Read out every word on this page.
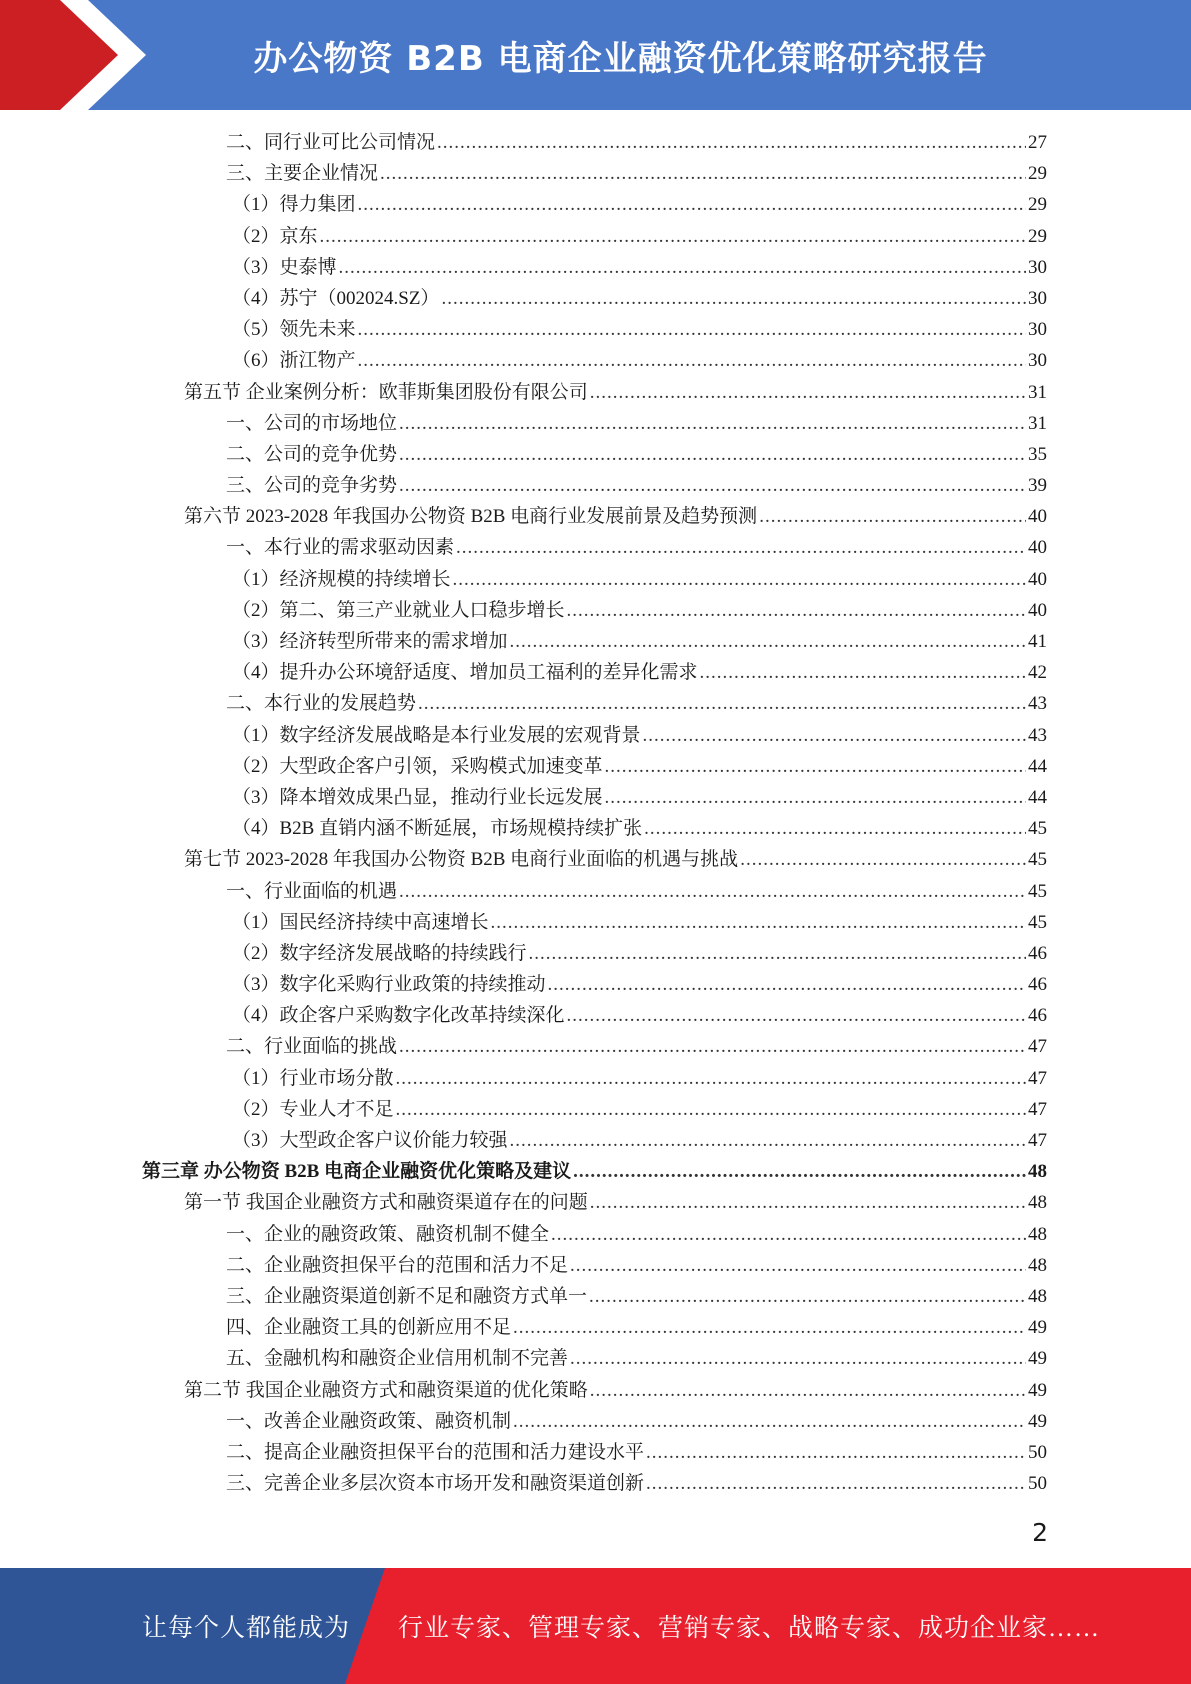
办公物资 B2B 电商企业融资优化策略研究报告
二、同行业可比公司情况 .....	27
三、主要企业情况 .....	29
（1）得力集团 .....	29
（2）京东 .....	29
（3）史泰博 .....	30
（4）苏宁（002024.SZ） .....	30
（5）领先未来 .....	30
（6）浙江物产 .....	30
第五节 企业案例分析：欧菲斯集团股份有限公司 .....	31
一、公司的市场地位 .....	31
二、公司的竞争优势 .....	35
三、公司的竞争劣势 .....	39
第六节 2023-2028 年我国办公物资 B2B 电商行业发展前景及趋势预测 .....	40
一、本行业的需求驱动因素 .....	40
（1）经济规模的持续增长 .....	40
（2）第二、第三产业就业人口稳步增长 .....	40
（3）经济转型所带来的需求增加 .....	41
（4）提升办公环境舒适度、增加员工福利的差异化需求 .....	42
二、本行业的发展趋势 .....	43
（1）数字经济发展战略是本行业发展的宏观背景 .....	43
（2）大型政企客户引领，采购模式加速变革 .....	44
（3）降本增效成果凸显，推动行业长远发展 .....	44
（4）B2B 直销内涵不断延展，市场规模持续扩张 .....	45
第七节 2023-2028 年我国办公物资 B2B 电商行业面临的机遇与挑战 .....	45
一、行业面临的机遇 .....	45
（1）国民经济持续中高速增长 .....	45
（2）数字经济发展战略的持续践行 .....	46
（3）数字化采购行业政策的持续推动 .....	46
（4）政企客户采购数字化改革持续深化 .....	46
二、行业面临的挑战 .....	47
（1）行业市场分散 .....	47
（2）专业人才不足 .....	47
（3）大型政企客户议价能力较强 .....	47
第三章 办公物资 B2B 电商企业融资优化策略及建议 .....	48
第一节 我国企业融资方式和融资渠道存在的问题 .....	48
一、企业的融资政策、融资机制不健全 .....	48
二、企业融资担保平台的范围和活力不足 .....	48
三、企业融资渠道创新不足和融资方式单一 .....	48
四、企业融资工具的创新应用不足 .....	49
五、金融机构和融资企业信用机制不完善 .....	49
第二节 我国企业融资方式和融资渠道的优化策略 .....	49
一、改善企业融资政策、融资机制 .....	49
二、提高企业融资担保平台的范围和活力建设水平 .....	50
三、完善企业多层次资本市场开发和融资渠道创新 .....	50
2
让每个人都能成为 行业专家、管理专家、营销专家、战略专家、成功企业家……
